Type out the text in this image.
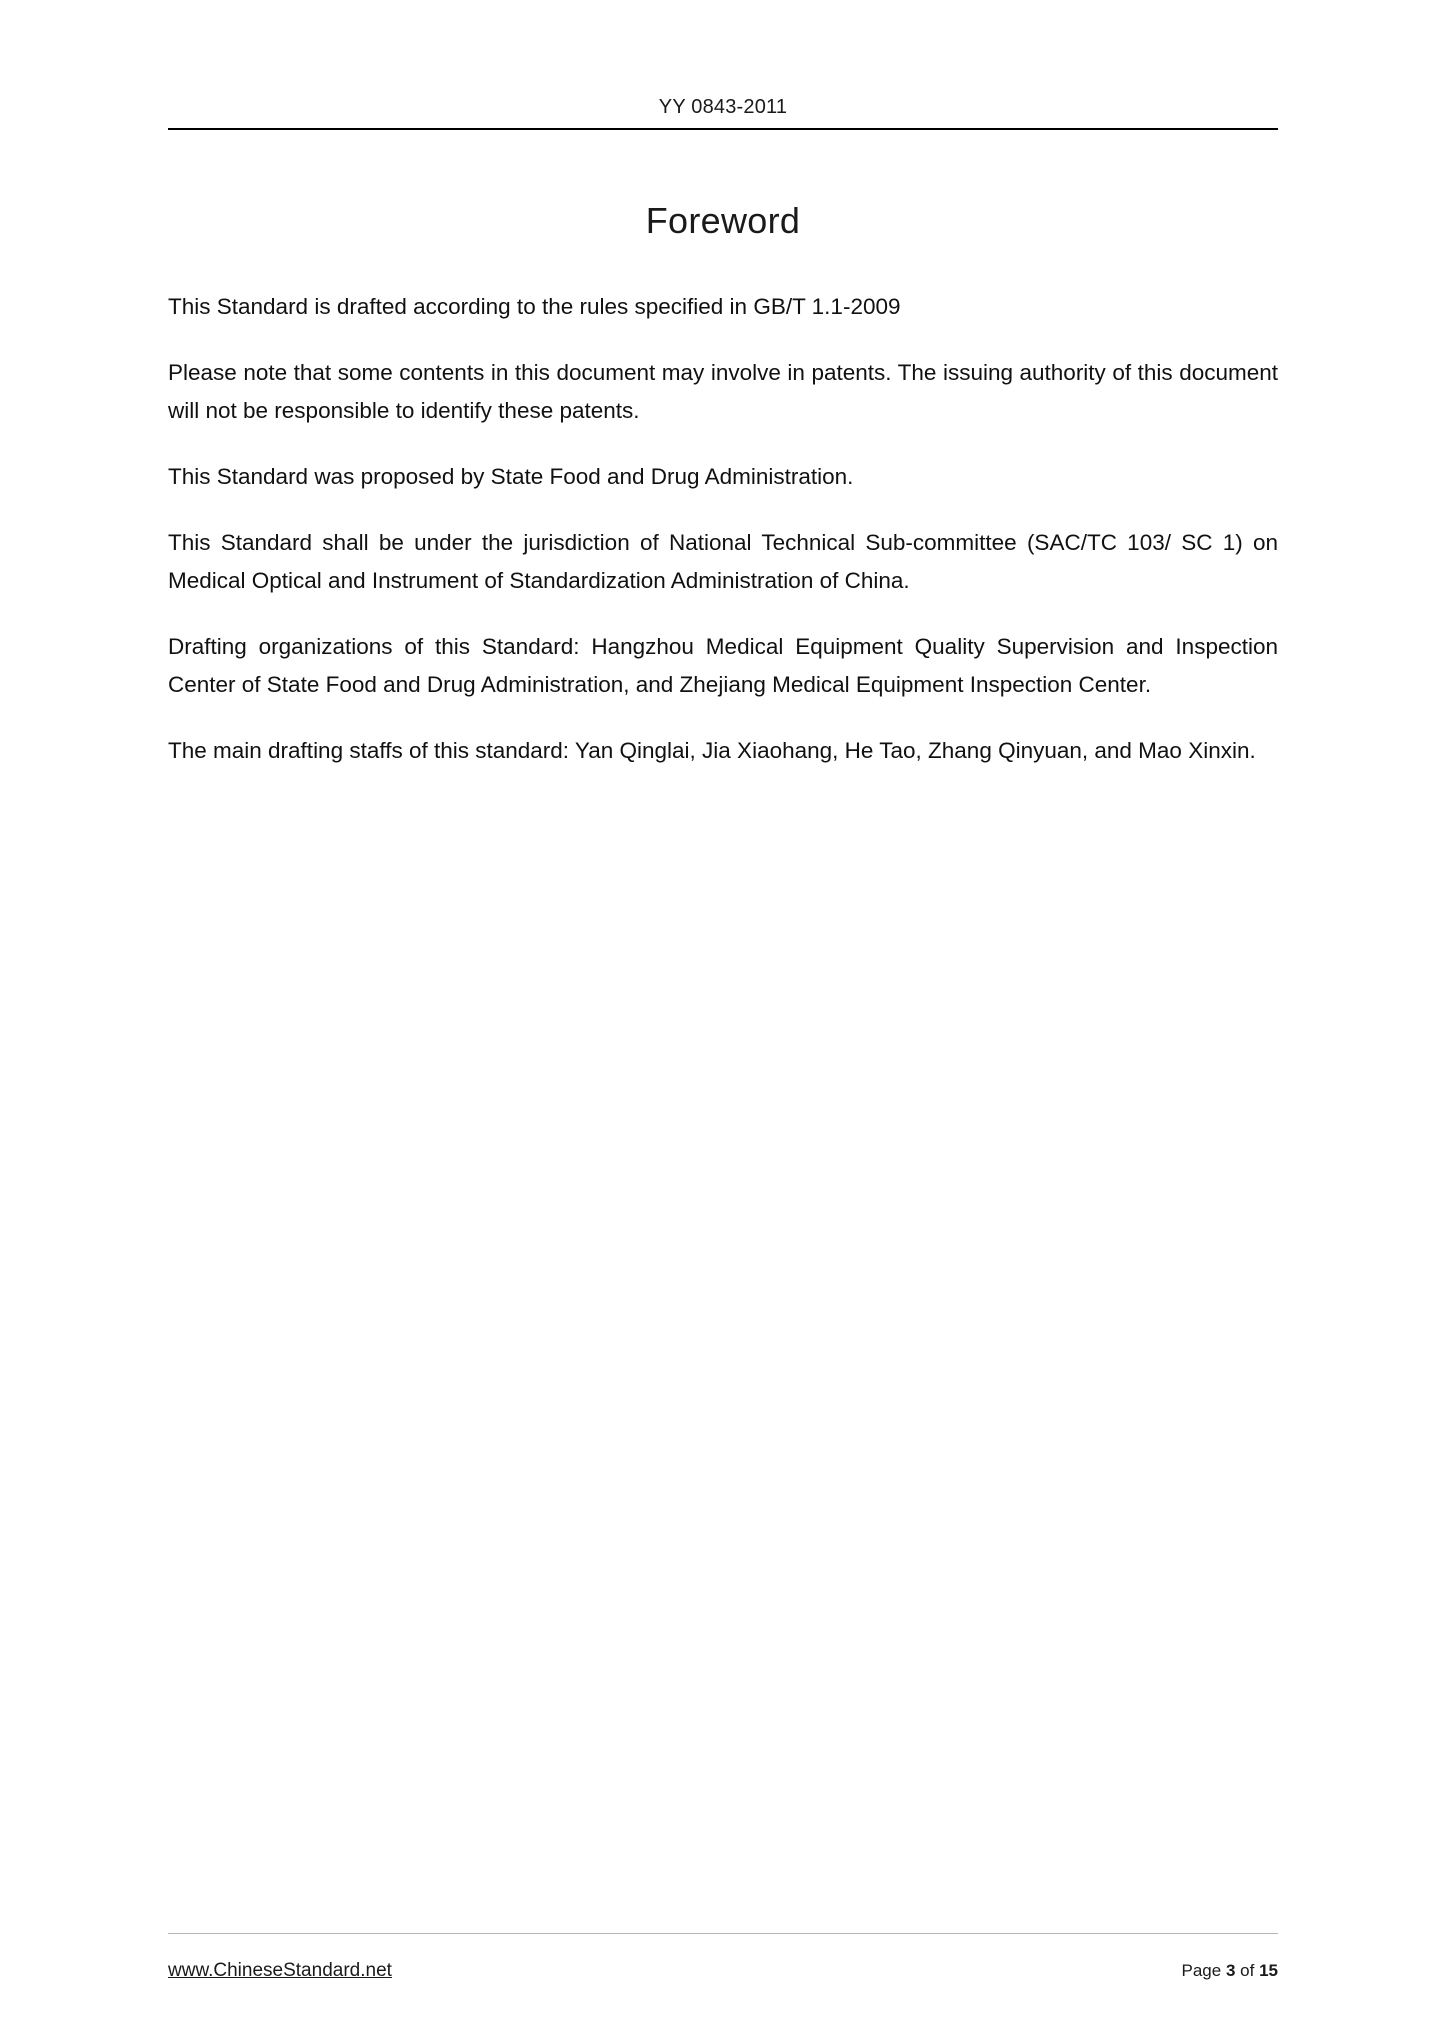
YY 0843-2011
Foreword

This Standard is drafted according to the rules specified in GB/T 1.1-2009

Please note that some contents in this document may involve in patents. The issuing authority of this document will not be responsible to identify these patents.

This Standard was proposed by State Food and Drug Administration.

This Standard shall be under the jurisdiction of National Technical Sub-committee (SAC/TC 103/ SC 1) on Medical Optical and Instrument of Standardization Administration of China.

Drafting organizations of this Standard: Hangzhou Medical Equipment Quality Supervision and Inspection Center of State Food and Drug Administration, and Zhejiang Medical Equipment Inspection Center.

The main drafting staffs of this standard: Yan Qinglai, Jia Xiaohang, He Tao, Zhang Qinyuan, and Mao Xinxin.

www.ChineseStandard.net	Page 3 of 15
